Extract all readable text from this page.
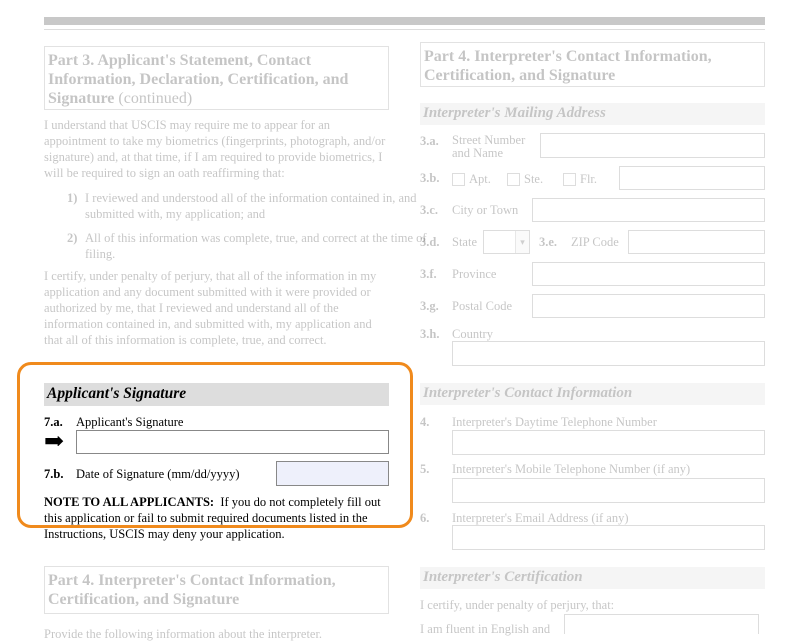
Part 3. Applicant's Statement, Contact Information, Declaration, Certification, and Signature (continued)
I understand that USCIS may require me to appear for an appointment to take my biometrics (fingerprints, photograph, and/or signature) and, at that time, if I am required to provide biometrics, I will be required to sign an oath reaffirming that:
1) I reviewed and understood all of the information contained in, and submitted with, my application; and
2) All of this information was complete, true, and correct at the time of filing.
I certify, under penalty of perjury, that all of the information in my application and any document submitted with it were provided or authorized by me, that I reviewed and understand all of the information contained in, and submitted with, my application and that all of this information is complete, true, and correct.
Applicant's Signature
7.a. Applicant's Signature
➡
7.b. Date of Signature (mm/dd/yyyy)
NOTE TO ALL APPLICANTS: If you do not completely fill out this application or fail to submit required documents listed in the Instructions, USCIS may deny your application.

Part 4. Interpreter's Contact Information, Certification, and Signature
Provide the following information about the interpreter.
Part 4. Interpreter's Contact Information, Certification, and Signature
Interpreter's Mailing Address
3.a. Street Number and Name
3.b.	Apt.	Ste.	Flr.
3.c. City or Town
3.d. State	▾	3.e. ZIP Code
3.f. Province
3.g. Postal Code
3.h. Country
Interpreter's Contact Information
4. Interpreter's Daytime Telephone Number
5. Interpreter's Mobile Telephone Number (if any)
6. Interpreter's Email Address (if any)
Interpreter's Certification
I certify, under penalty of perjury, that:
I am fluent in English and
